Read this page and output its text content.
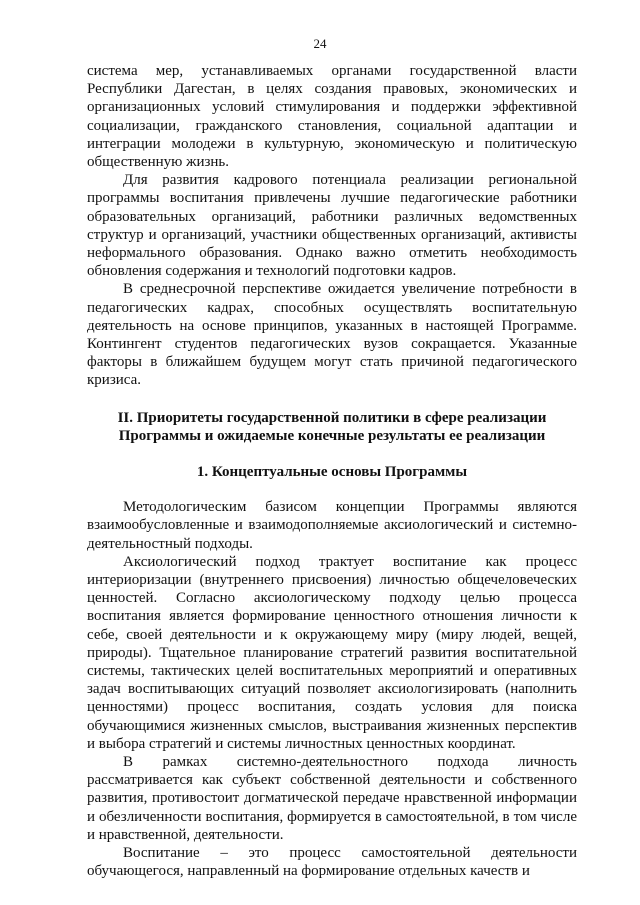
24

система мер, устанавливаемых органами государственной власти Республики Дагестан, в целях создания правовых, экономических и организационных условий стимулирования и поддержки эффективной социализации, гражданского становления, социальной адаптации и интеграции молодежи в культурную, экономическую и политическую общественную жизнь.

Для развития кадрового потенциала реализации региональной программы воспитания привлечены лучшие педагогические работники образовательных организаций, работники различных ведомственных структур и организаций, участники общественных организаций, активисты неформального образования. Однако важно отметить необходимость обновления содержания и технологий подготовки кадров.

В среднесрочной перспективе ожидается увеличение потребности в педагогических кадрах, способных осуществлять воспитательную деятельность на основе принципов, указанных в настоящей Программе. Контингент студентов педагогических вузов сокращается. Указанные факторы в ближайшем будущем могут стать причиной педагогического кризиса.

II. Приоритеты государственной политики в сфере реализации
Программы и ожидаемые конечные результаты ее реализации
1. Концептуальные основы Программы

Методологическим базисом концепции Программы являются взаимообусловленные и взаимодополняемые аксиологический и системно-деятельностный подходы.

Аксиологический подход трактует воспитание как процесс интериоризации (внутреннего присвоения) личностью общечеловеческих ценностей. Согласно аксиологическому подходу целью процесса воспитания является формирование ценностного отношения личности к себе, своей деятельности и к окружающему миру (миру людей, вещей, природы). Тщательное планирование стратегий развития воспитательной системы, тактических целей воспитательных мероприятий и оперативных задач воспитывающих ситуаций позволяет аксиологизировать (наполнить ценностями) процесс воспитания, создать условия для поиска обучающимися жизненных смыслов, выстраивания жизненных перспектив и выбора стратегий и системы личностных ценностных координат.

В рамках системно-деятельностного подхода личность рассматривается как субъект собственной деятельности и собственного развития, противостоит догматической передаче нравственной информации и обезличенности воспитания, формируется в самостоятельной, в том числе и нравственной, деятельности.

Воспитание – это процесс самостоятельной деятельности обучающегося, направленный на формирование отдельных качеств и
